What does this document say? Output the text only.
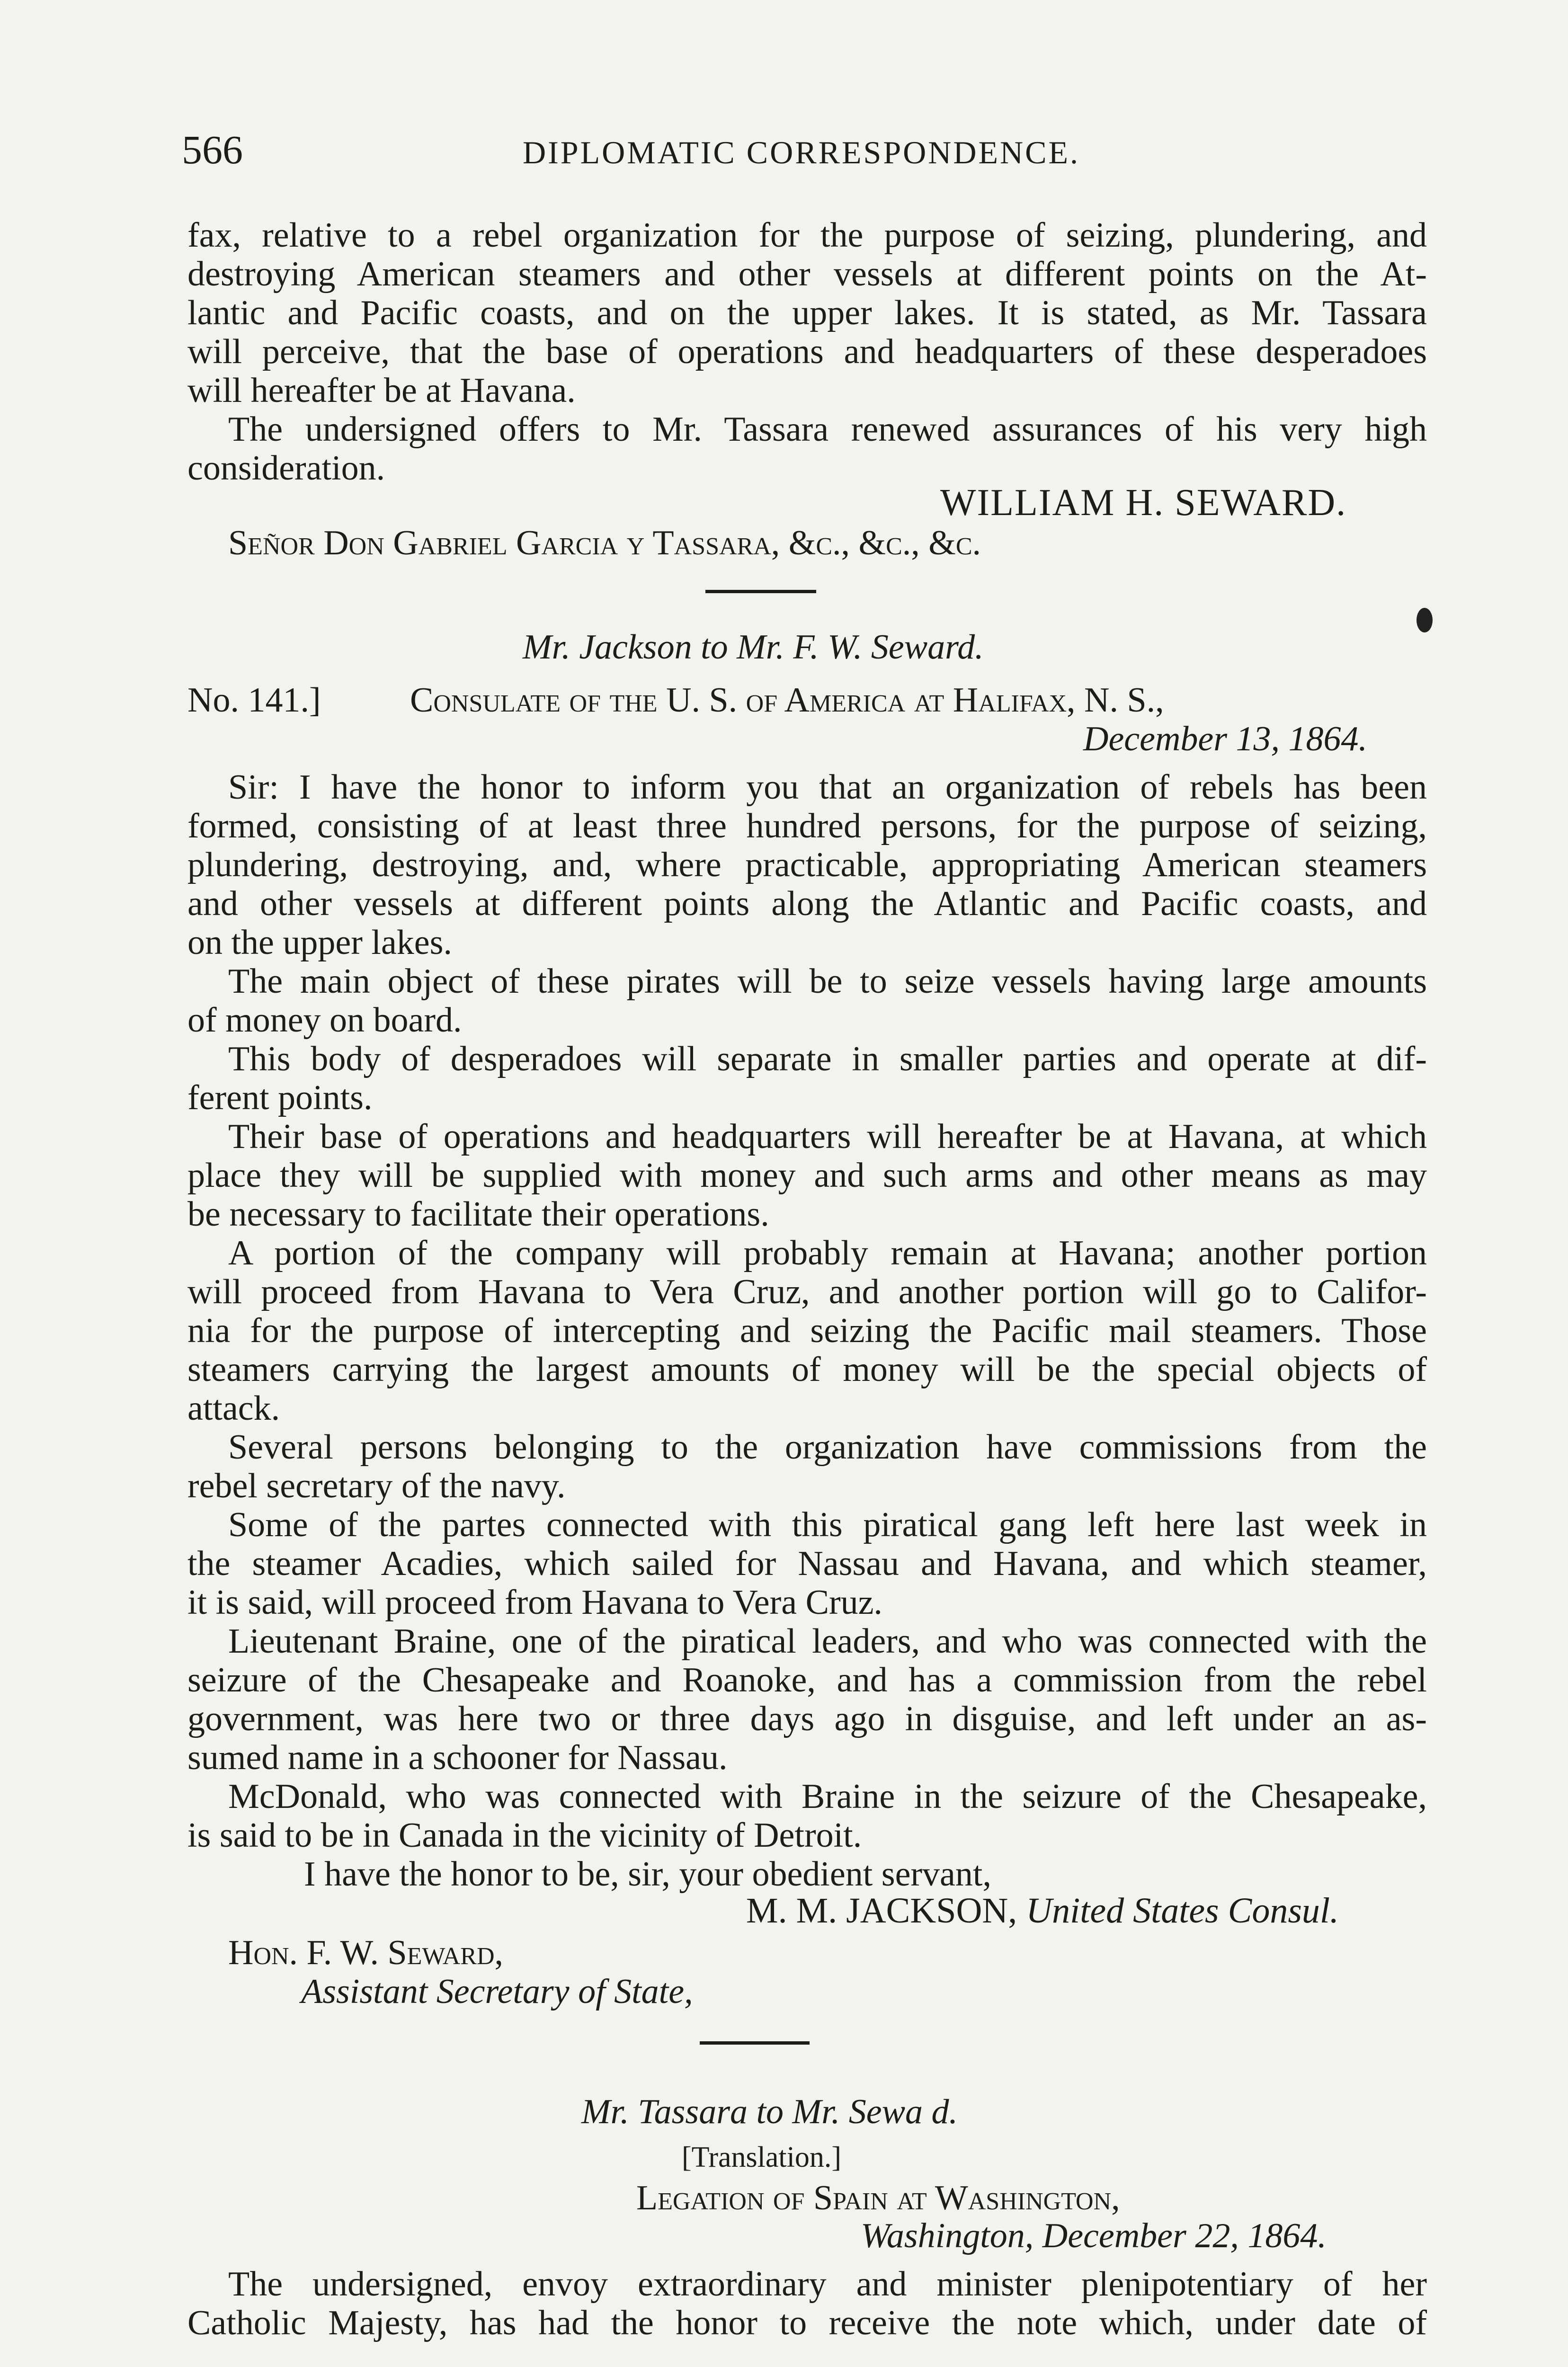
566	DIPLOMATIC CORRESPONDENCE.
fax, relative to a rebel organization for the purpose of seizing, plundering, and
destroying American steamers and other vessels at different points on the At-
lantic and Pacific coasts, and on the upper lakes. It is stated, as Mr. Tassara
will perceive, that the base of operations and headquarters of these desperadoes
will hereafter be at Havana.
The undersigned offers to Mr. Tassara renewed assurances of his very high
consideration.
WILLIAM H. SEWARD.
Señor Don Gabriel Garcia y Tassara, &c., &c., &c.
Mr. Jackson to Mr. F. W. Seward.
No. 141.]	Consulate of the U. S. of America at Halifax, N. S.,
December 13, 1864.
Sir: I have the honor to inform you that an organization of rebels has been
formed, consisting of at least three hundred persons, for the purpose of seizing,
plundering, destroying, and, where practicable, appropriating American steamers
and other vessels at different points along the Atlantic and Pacific coasts, and
on the upper lakes.
The main object of these pirates will be to seize vessels having large amounts
of money on board.
This body of desperadoes will separate in smaller parties and operate at dif-
ferent points.
Their base of operations and headquarters will hereafter be at Havana, at which
place they will be supplied with money and such arms and other means as may
be necessary to facilitate their operations.
A portion of the company will probably remain at Havana; another portion
will proceed from Havana to Vera Cruz, and another portion will go to Califor-
nia for the purpose of intercepting and seizing the Pacific mail steamers. Those
steamers carrying the largest amounts of money will be the special objects of
attack.
Several persons belonging to the organization have commissions from the
rebel secretary of the navy.
Some of the partes connected with this piratical gang left here last week in
the steamer Acadies, which sailed for Nassau and Havana, and which steamer,
it is said, will proceed from Havana to Vera Cruz.
Lieutenant Braine, one of the piratical leaders, and who was connected with the
seizure of the Chesapeake and Roanoke, and has a commission from the rebel
government, was here two or three days ago in disguise, and left under an as-
sumed name in a schooner for Nassau.
McDonald, who was connected with Braine in the seizure of the Chesapeake,
is said to be in Canada in the vicinity of Detroit.
I have the honor to be, sir, your obedient servant,
M. M. JACKSON, United States Consul.
Hon. F. W. Seward,
Assistant Secretary of State,
Mr. Tassara to Mr. Sewa d.
[Translation.]
Legation of Spain at Washington,
Washington, December 22, 1864.
The undersigned, envoy extraordinary and minister plenipotentiary of her
Catholic Majesty, has had the honor to receive the note which, under date of
